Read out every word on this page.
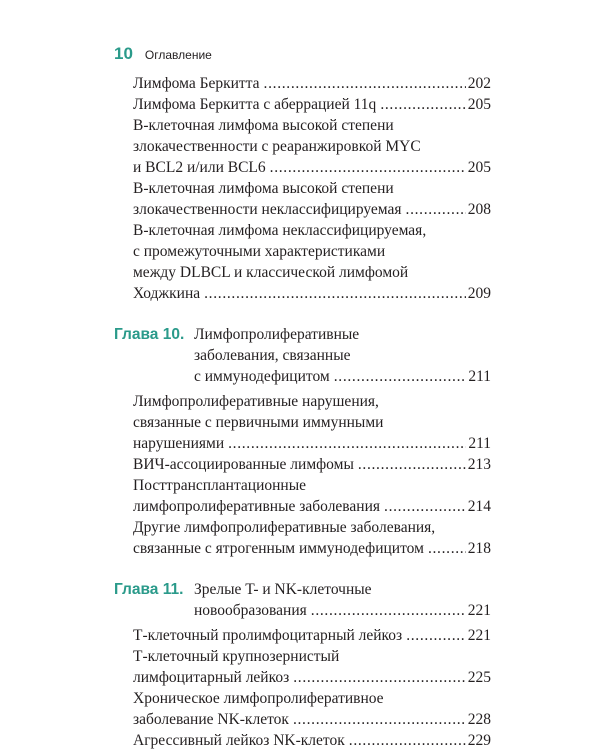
10 Оглавление
Лимфома Беркитта . . .	202
Лимфома Беркитта с аберрацией 11q . . .	205
В-клеточная лимфома высокой степени
злокачественности с реаранжировкой MYC
и BCL2 и/или BCL6 . . .	205
В-клеточная лимфома высокой степени
злокачественности неклассифицируемая . . .	208
В-клеточная лимфома неклассифицируемая,
с промежуточными характеристиками
между DLBCL и классической лимфомой
Ходжкина . . .	209
Глава 10. Лимфопролиферативные
заболевания, связанные
с иммунодефицитом . . .	211
Лимфопролиферативные нарушения,
связанные с первичными иммунными
нарушениями . . .	211
ВИЧ-ассоциированные лимфомы . . .	213
Посттрансплантационные
лимфопролиферативные заболевания . . .	214
Другие лимфопролиферативные заболевания,
связанные с ятрогенным иммунодефицитом . . .	218
Глава 11. Зрелые T- и NK-клеточные
новообразования . . .	221
Т-клеточный пролимфоцитарный лейкоз . . .	221
Т-клеточный крупнозернистый
лимфоцитарный лейкоз . . .	225
Хроническое лимфопролиферативное
заболевание NK-клеток . . .	228
Агрессивный лейкоз NK-клеток . . .	229
